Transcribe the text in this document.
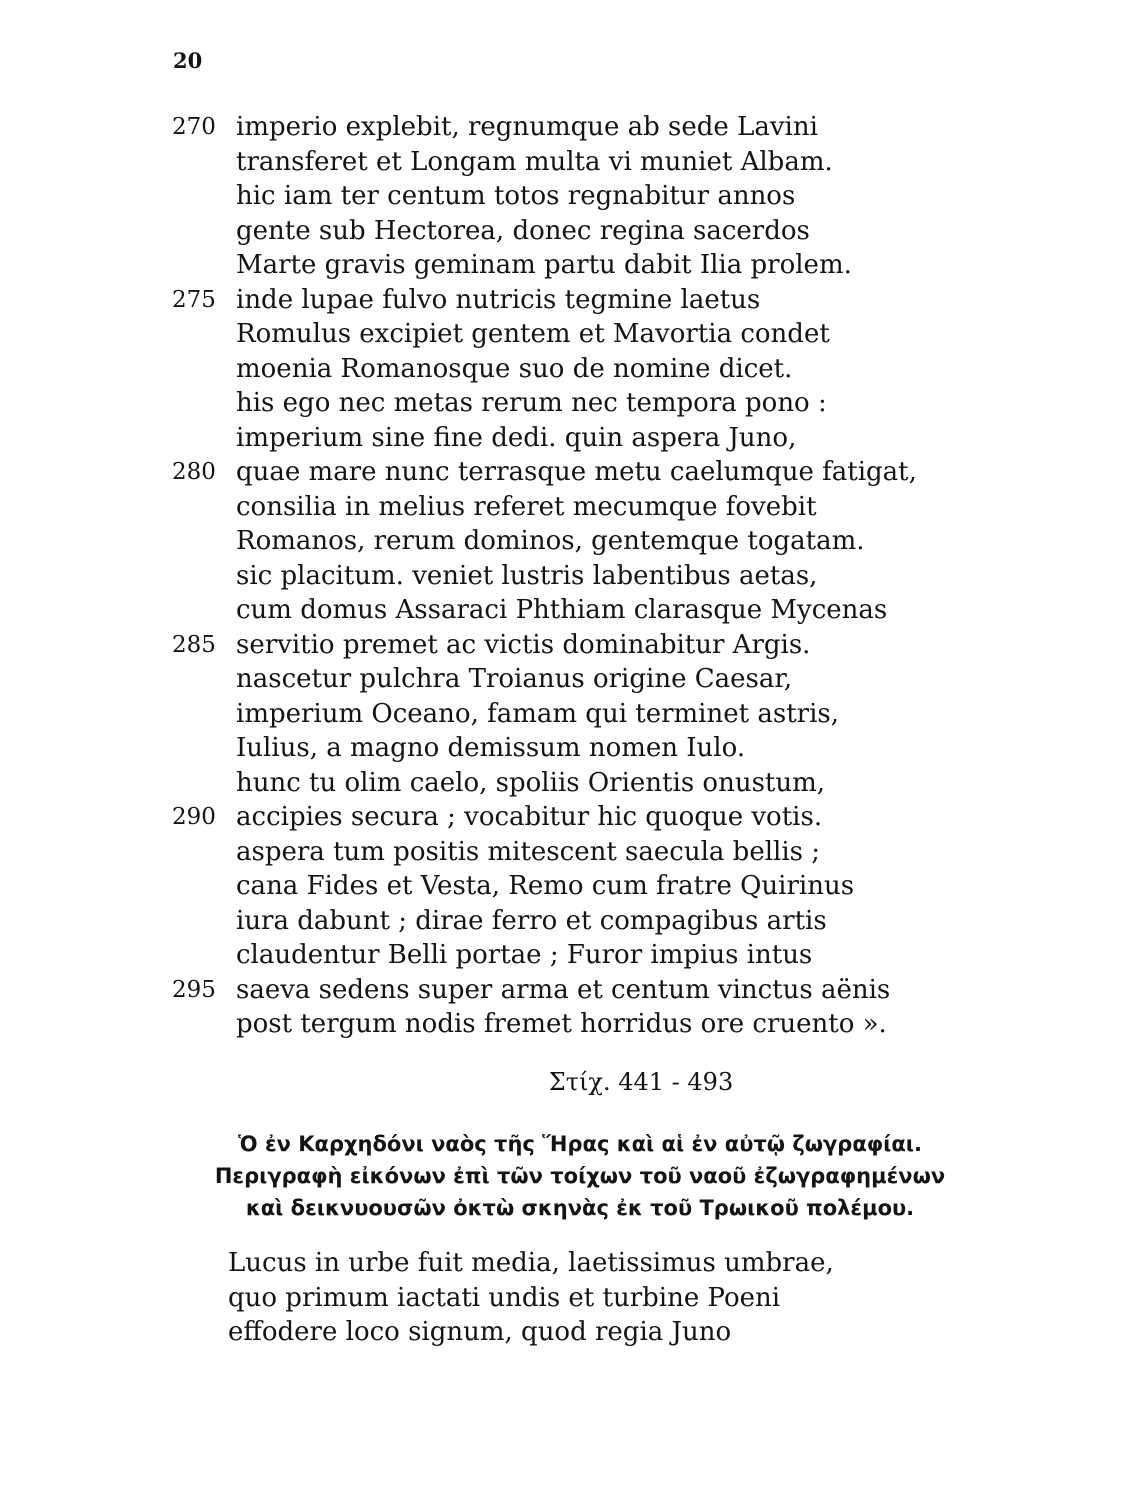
20
270 imperio explebit, regnumque ab sede Lavini
transferet et Longam multa vi muniet Albam.
hic iam ter centum totos regnabitur annos
gente sub Hectorea, donec regina sacerdos
Marte gravis geminam partu dabit Ilia prolem.
275 inde lupae fulvo nutricis tegmine laetus
Romulus excipiet gentem et Mavortia condet
moenia Romanosque suo de nomine dicet.
his ego nec metas rerum nec tempora pono :
imperium sine fine dedi. quin aspera Juno,
280 quae mare nunc terrasque metu caelumque fatigat,
consilia in melius referet mecumque fovebit
Romanos, rerum dominos, gentemque togatam.
sic placitum. veniet lustris labentibus aetas,
cum domus Assaraci Phthiam clarasque Mycenas
285 servitio premet ac victis dominabitur Argis.
nascetur pulchra Troianus origine Caesar,
imperium Oceano, famam qui terminet astris,
Iulius, a magno demissum nomen Iulo.
hunc tu olim caelo, spoliis Orientis onustum,
290 accipies secura ; vocabitur hic quoque votis.
aspera tum positis mitescent saecula bellis ;
cana Fides et Vesta, Remo cum fratre Quirinus
iura dabunt ; dirae ferro et compagibus artis
claudentur Belli portae ; Furor impius intus
295 saeva sedens super arma et centum vinctus aënis
post tergum nodis fremet horridus ore cruento ».
Στίχ. 441 - 493
Ὁ ἐν Καρχηδόνι ναὸς τῆς Ἥρας καὶ αἱ ἐν αὐτῷ ζωγραφίαι.
Περιγραφὴ εἰκόνων ἐπὶ τῶν τοίχων τοῦ ναοῦ ἐζωγραφημένων
καὶ δεικνυουσῶν ὀκτὼ σκηνὰς ἐκ τοῦ Τρωικοῦ πολέμου.
Lucus in urbe fuit media, laetissimus umbrae,
quo primum iactati undis et turbine Poeni
effodere loco signum, quod regia Juno
